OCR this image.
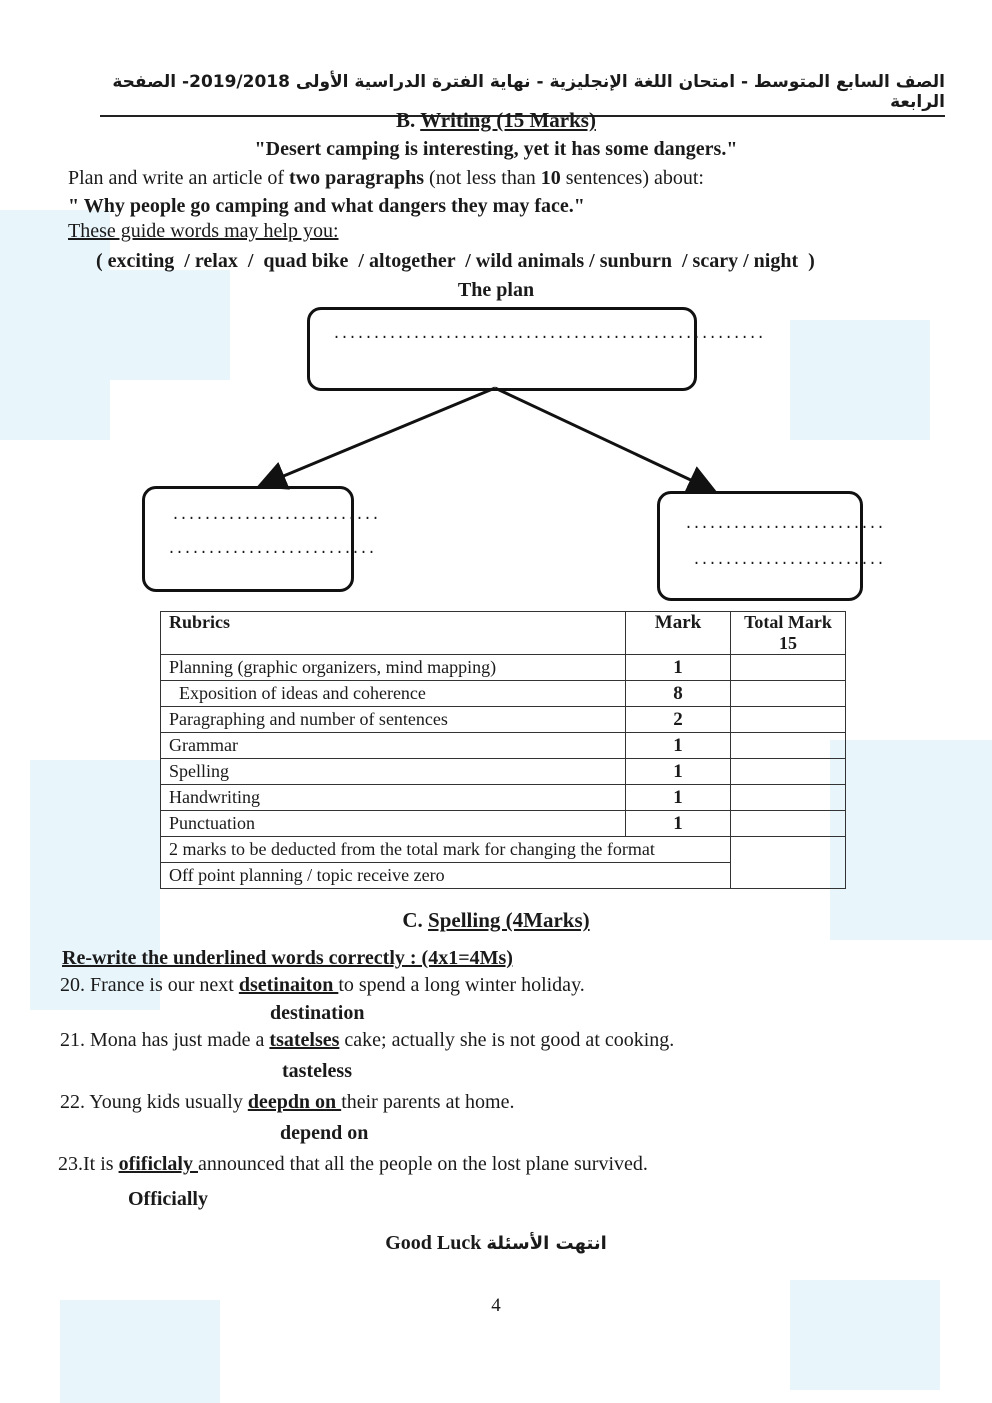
الصف السابع المتوسط - امتحان اللغة الإنجليزية - نهاية الفترة الدراسية الأولى 2019/2018- الصفحة الرابعة
B. Writing (15 Marks)
"Desert camping is interesting, yet it has some dangers."
Plan and write an article of two paragraphs (not less than 10 sentences) about:
" Why people go camping and what dangers they may face."
These guide words may help you:
( exciting  / relax  /  quad bike  / altogether  / wild animals / sunburn  / scary / night  )
The plan
......................................................
..........................
..........................
.........................
........................
Rubrics	Mark	Total Mark 15
Planning (graphic organizers, mind mapping)	1	
Exposition of ideas and coherence	8	
Paragraphing and number of sentences	2	
Grammar	1	
Spelling	1	
Handwriting	1	
Punctuation	1	
2 marks to be deducted from the total mark for changing the format		
Off point planning / topic receive zero		
C. Spelling (4Marks)
Re-write the underlined words correctly : (4x1=4Ms)
20. France is our next dsetinaiton to spend a long winter holiday.
destination
21. Mona has just made a tsatelses cake; actually she is not good at cooking.
tasteless
22. Young kids usually deepdn on their parents at home.
depend on
23.It is ofificlaly announced that all the people on the lost plane survived.
Officially
Good Luck انتهت الأسئلة
4
